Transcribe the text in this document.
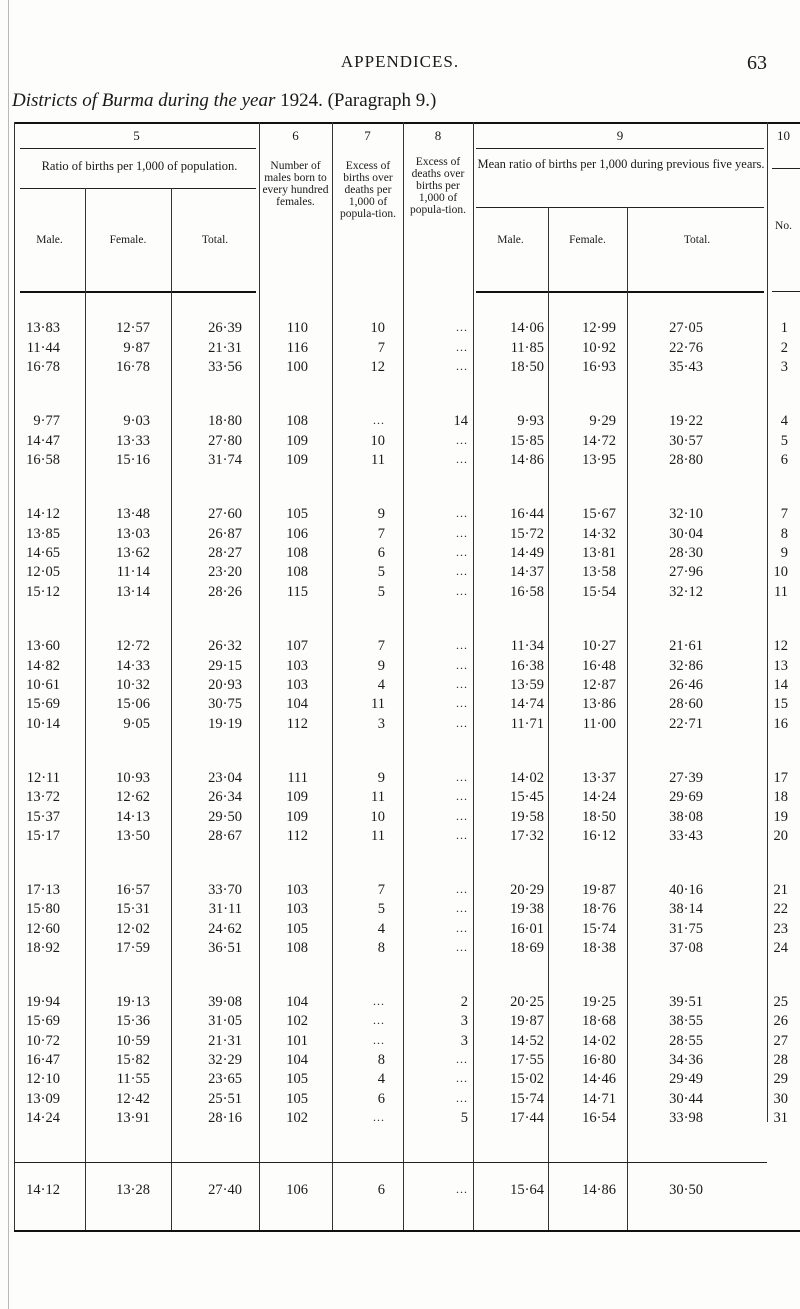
APPENDICES.	63
Districts of Burma during the year 1924. (Paragraph 9.)
5	6	7	8	9	10
Ratio of births per 1,000 of population.
Male.	Female.	Total.
Number of males born to every hundred females.
Excess of births over deaths per 1,000 of popula-tion.
Excess of deaths over births per 1,000 of popula-tion.
Mean ratio of births per 1,000 during previous five years.
Male.	Female.	Total.
No.
13·83	12·57	26·39	110	10	...	14·06	12·99	27·05	1
11·44	9·87	21·31	116	7	...	11·85	10·92	22·76	2
16·78	16·78	33·56	100	12	...	18·50	16·93	35·43	3
9·77	9·03	18·80	108	...	14	9·93	9·29	19·22	4
14·47	13·33	27·80	109	10	...	15·85	14·72	30·57	5
16·58	15·16	31·74	109	11	...	14·86	13·95	28·80	6
14·12	13·48	27·60	105	9	...	16·44	15·67	32·10	7
13·85	13·03	26·87	106	7	...	15·72	14·32	30·04	8
14·65	13·62	28·27	108	6	...	14·49	13·81	28·30	9
12·05	11·14	23·20	108	5	...	14·37	13·58	27·96	10
15·12	13·14	28·26	115	5	...	16·58	15·54	32·12	11
13·60	12·72	26·32	107	7	...	11·34	10·27	21·61	12
14·82	14·33	29·15	103	9	...	16·38	16·48	32·86	13
10·61	10·32	20·93	103	4	...	13·59	12·87	26·46	14
15·69	15·06	30·75	104	11	...	14·74	13·86	28·60	15
10·14	9·05	19·19	112	3	...	11·71	11·00	22·71	16
12·11	10·93	23·04	111	9	...	14·02	13·37	27·39	17
13·72	12·62	26·34	109	11	...	15·45	14·24	29·69	18
15·37	14·13	29·50	109	10	...	19·58	18·50	38·08	19
15·17	13·50	28·67	112	11	...	17·32	16·12	33·43	20
17·13	16·57	33·70	103	7	...	20·29	19·87	40·16	21
15·80	15·31	31·11	103	5	...	19·38	18·76	38·14	22
12·60	12·02	24·62	105	4	...	16·01	15·74	31·75	23
18·92	17·59	36·51	108	8	...	18·69	18·38	37·08	24
19·94	19·13	39·08	104	...	2	20·25	19·25	39·51	25
15·69	15·36	31·05	102	...	3	19·87	18·68	38·55	26
10·72	10·59	21·31	101	...	3	14·52	14·02	28·55	27
16·47	15·82	32·29	104	8	...	17·55	16·80	34·36	28
12·10	11·55	23·65	105	4	...	15·02	14·46	29·49	29
13·09	12·42	25·51	105	6	...	15·74	14·71	30·44	30
14·24	13·91	28·16	102	...	5	17·44	16·54	33·98	31
14·12	13·28	27·40	106	6	...	15·64	14·86	30·50
